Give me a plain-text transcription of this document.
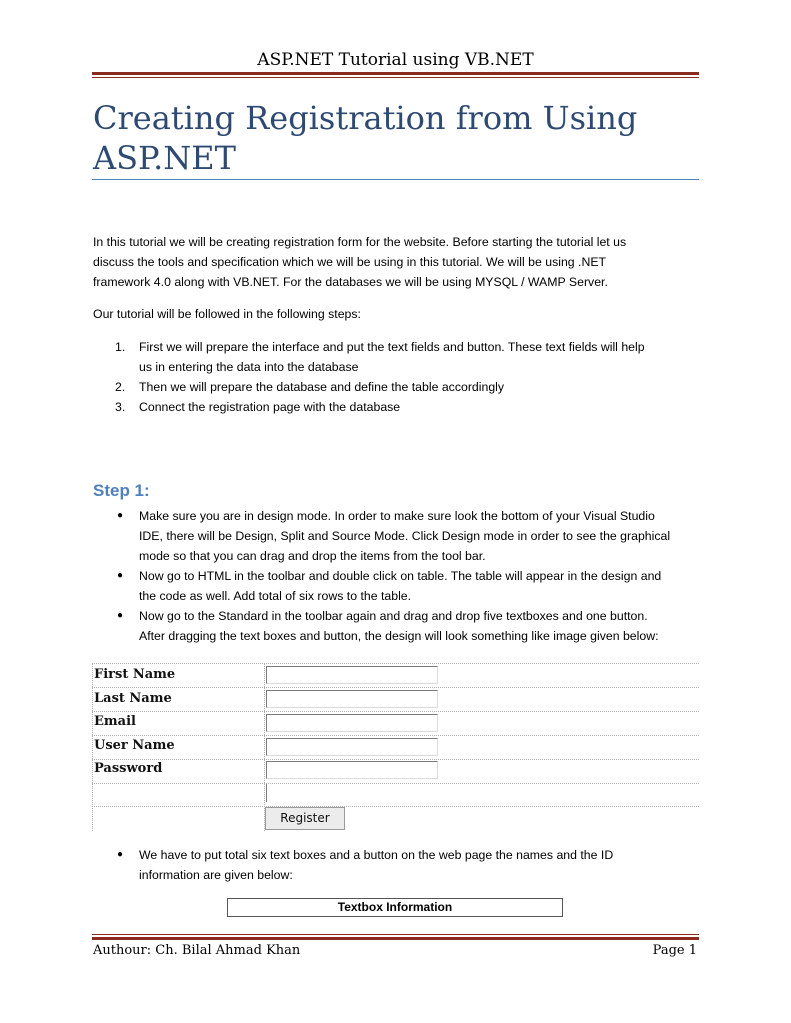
ASP.NET Tutorial using VB.NET
Creating Registration from Using
ASP.NET

In this tutorial we will be creating registration form for the website. Before starting the tutorial let us
discuss the tools and specification which we will be using in this tutorial. We will be using .NET
framework 4.0 along with VB.NET. For the databases we will be using MYSQL / WAMP Server.

Our tutorial will be followed in the following steps:

1. First we will prepare the interface and put the text fields and button. These text fields will help
us in entering the data into the database
2. Then we will prepare the database and define the table accordingly
3. Connect the registration page with the database
Step 1:
● Make sure you are in design mode. In order to make sure look the bottom of your Visual Studio
IDE, there will be Design, Split and Source Mode. Click Design mode in order to see the graphical
mode so that you can drag and drop the items from the tool bar.
● Now go to HTML in the toolbar and double click on table. The table will appear in the design and
the code as well. Add total of six rows to the table.
● Now go to the Standard in the toolbar again and drag and drop five textboxes and one button.
After dragging the text boxes and button, the design will look something like image given below:
First Name
Last Name
Email
User Name
Password
Register
● We have to put total six text boxes and a button on the web page the names and the ID
information are given below:
Textbox Information
Authour: Ch. Bilal Ahmad Khan	Page 1
